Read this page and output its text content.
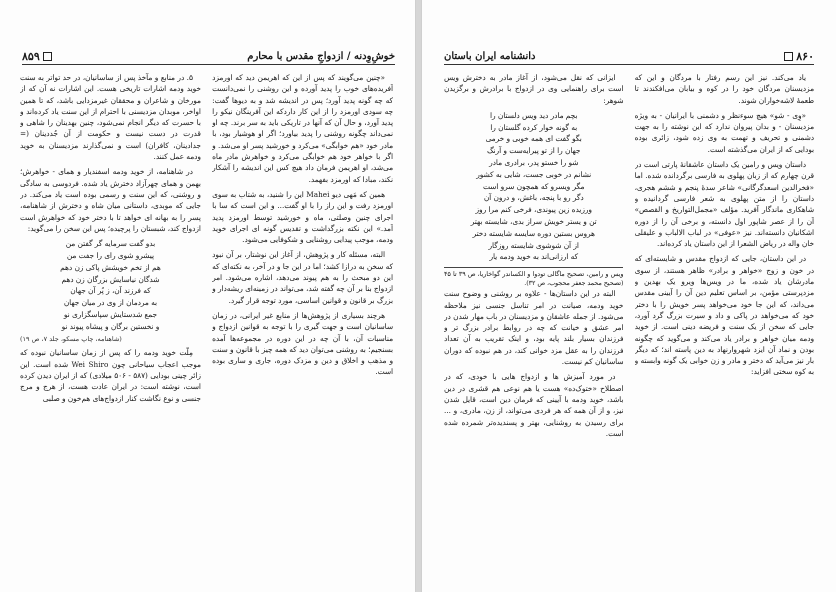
خوشِ‌وِدنه / ازدواجِ مقدس با محارم
۸۵۹

«چنین می‌گویند که پس از این که اهریمن دید که اورمزد آفریده‌های خوب را پدید آورده و این روشنی را نمی‌دانست که چه گونه پدید آورد؛ پس در اندیشه شد و به دیوها گفت: چه سودی اورمزد را از این کار داردکه این آفرینگان نیکو را پدید آورد، و حال آن که آنها در تاریکی باید به سر برند. چه او نمی‌داند چگونه روشنی را پدید بیاورد؛ اگر او هوشیار بود، با مادر خود «هم خوابگی» می‌کرد و خورشید پسر او می‌شد. و اگر با خواهر خود هم خوابگی می‌کرد و خواهرش مادر ماه می‌شد، او اهریمن فرمان داد هیچ کس این اندیشه را آشکار نکند، مبادا که اورمزد بفهمد.

همین که مَهی دیو Mahei این را شنید، به شتاب به سوی اورمزد رفت و این راز را با او گفت... و این است که سا با اجرای چنین وصلتی، ماه و خورشید توسط اورمزد پدید آمد.» این نکته بزرگداشت و تقدیس گونه ای اجرای خوید ودمه، موجب پیدایی روشنایی و شکوفایی می‌شود.

البته، مسئله کار و پژوهش، از آغاز این نوشتار، بر آن نبود که سخن به درازا کشد؛ اما در این جا و در آخر، به نکته‌ای که این دو مبحث را به هم پیوند می‌دهد، اشاره می‌شود. امر ازدواج بنا بر آن چه گفته شد، می‌تواند در زمینه‌ای ریشه‌دار و بزرگ بر قانون و قوانین اساسی، مورد توجه قرار گیرد.

هرچند بسیاری از پژوهش‌ها از منابع غیر ایرانی، در زمان ساسانیان است و جهت گیری را با توجه به قوانین ازدواج و مناسبات آن، با آن چه در این دوره در مجموعه‌ها آمده بسنجیم؛ به روشنی می‌توان دید که همه چیز با قانون و سنت و مذهب و اخلاق و دین و مزدک دوره، جاری و ساری بوده است.

۵. در منابع و مآخذ پس از ساسانیان، در حد تواتر به سنت خوید ودمه اشارات تاریخی هست. این اشارات نه آن که از مورخان و شاعران و محققان غیرمزدایی باشد، که تا همین اواخر، موبدان مزدیسنی با احترام از این سنت یاد کرده‌اند و با حسرت که دیگر انجام نمی‌شود، چنین بهدینان را شاهی و قدرت در دست نیست و حکومت از آن جُددینان (= جدادینان، کافران) است و نمی‌گذارند مزدیسنان به خوید ودمه عمل کنند.

در شاهنامه، از خوید ودمه اسفندیار و همای - خواهرش؛ بهمن و همای چهرآزاد دخترش یاد شده. فردوسی به سادگی و روشنی، که این سنت و رسمی بوده است یاد می‌کند. در جایی که موبدی، داستانی میان شاه و دخترش از شاهنامه، پسر را به بهانه ای خواهد تا با دختر خود که خواهرش است ازدواج کند، شبستان را پرچیده؛ پس این سخن را می‌گوید:

بدو گفت سرمایه گر گفتن من
پیشرو شوی رای را جفت من
هم از تخم خویشش پاکی زن دهم
شدگان نیاسایش بزرگان زن دهم
که فرزند آن، ز پُر آن جهان
به مردمان از وی در میان جهان
جمع شدستایش سپاسگزاری نو
و نخستین برگان و پیشاه پیوند نو
(شاهنامه، چاپ مسکو، جلد ۷، ص ۱۹)

مِلّت خوید ودمه را که پس از زمان ساسانیان نبوده که موجب اعجاب سیاحانی چون Wei Shiro شده است. این زائر چینی بودایی (۵۸۷ - ۵۰۶ میلادی) که از ایران دیدن کرده است، نوشته است: در ایران عادت هست، از هرج و مرج جنسی و نوع نگاشت کنار ازدواج‌های هم‌خون و صلبی

۸۶۰
دانشنامه ایران باستان

یاد می‌کند. نیز این رسم رفتار با مردگان و این که مزدیسنان مردگان خود را در کوه و بیابان می‌افکندند تا طعمهٔ لاشه‌خواران شوند.

«وِی - شو» هیچ سوءنظر و دشمنی با ایرانیان - به ویژه مزدیسنان - و بدان پیروان ندارد که این نوشته را به جهت دشمنی و تحریف و تهمت به وی زده شود، زائری بوده بودایی که از ایران می‌گذشته است.

داستان ویس و رامین یک داستان عاشقانهٔ پارتی است در قرن چهارم که از زبان پهلوی به فارسی برگردانده شده. اما «فخرالدین اسعدگرگانی» شاعر سدهٔ پنجم و ششم هجری، داستان را از متن پهلوی به شعر فارسی گردانیده و شاهکاری ماندگار آفرید. مؤلف «مجمل‌التواریخ و القصص» آن را از عصر شاپور اول دانسته، و برخی آن را از دوره اشکانیان دانسته‌اند. نیز «عوفی» در لباب الالباب و علیقلی خان واله در ریاض الشعرا از این داستان یاد کرده‌اند.

در این داستان، جایی که ازدواج مقدس و شایسته‌ای که در خون و زوج «خواهر و برادر» ظاهر هستند، از سوی مادرشان یاد شده، ما در ویس‌ها ویرو یک بهدین و مزدپرستی مؤمن، بر اساس تعلیم دین آن را آیینی مقدس می‌داند، که این جا خود می‌خواهد پسر خویش را با دختر خود که می‌خواهد در پاکی و داد و سیرت بزرگ گرد آورد، جایی که سخن از یک سنت و فریضه دینی است. از خوید ودمه میان خواهر و برادر یاد می‌کند و می‌گوید که چگونه بودن و نماد آن ایزد شهروارنهاد به دین پاسته اند؛ که دیگر بار نیز می‌آید که دختر و مادر و زن خوابی یک گونه وابسته و به کوه سختی افزاید:

ایزانی که نقل می‌شود، از آغاز مادر به دخترش ویس است برای راهنمایی وی در ازدواج با برادرش و برگزیدن شوهر:

بچم مادر دید ویس دلستان را
به گونه خوار کرده گلستان را
بگو گفت ای همه خوبی و خرمی
جهان را از تو پیرایه‌ست و آرنگ
شو را خستو پدر، برادری مادر
نشانم در خوبی جست، شایی به کشور
مگر ویسرو که همچون سرو است
دگر رو با پنجه، باغش، و درون آن
ورزیده زین پیوندی، فرخی کنم مرا روز
تن و یستر خویش سراز بدی، شایسته بهتر
هروس بستین دوره سایسه شایسته دختر
از آن شوشوی شایسته روزگار
که ارزانی‌اند به خوید ودمه یار
ویس و رامین، تصحیح ماگالی تودوا و الکساندر گواخاریا، ص ۳۹ تا ۴۵ (تصحیح محمد جعفر محجوب، ص ۳۲).

البته در این داستان‌ها - علاوه بر روشنی و وضوح سنت خوید ودمه، صیانت در امر تناسل جنسی نیز ملاحظه می‌شود. از جمله عاشقان و مزدیسنان در باب مهار شدن در امر عشق و خیانت که چه در روابط برادر بزرگ تر و فرزندان بسیار بلند پایه بود، و اینک تقریب به آن تعداد فرزندان را به عقل مزد خوانی کند، در هم نبوده که دوران ساسانیان کم نیست.

در مورد آمیزش ها و ازدواج هایی با خودی، که در اصطلاح «ختوک‌ده» هست یا هم نوعی هم قشری در دین باشد، خوید ودمه با آیینی که فرمان دین است، قایل شدن نیز، و از آن همه که هر فردی می‌تواند، از زن، مادری، و ... برای رسیدن به روشنایی، بهتر و پسندیده‌تر شمرده شده است.
